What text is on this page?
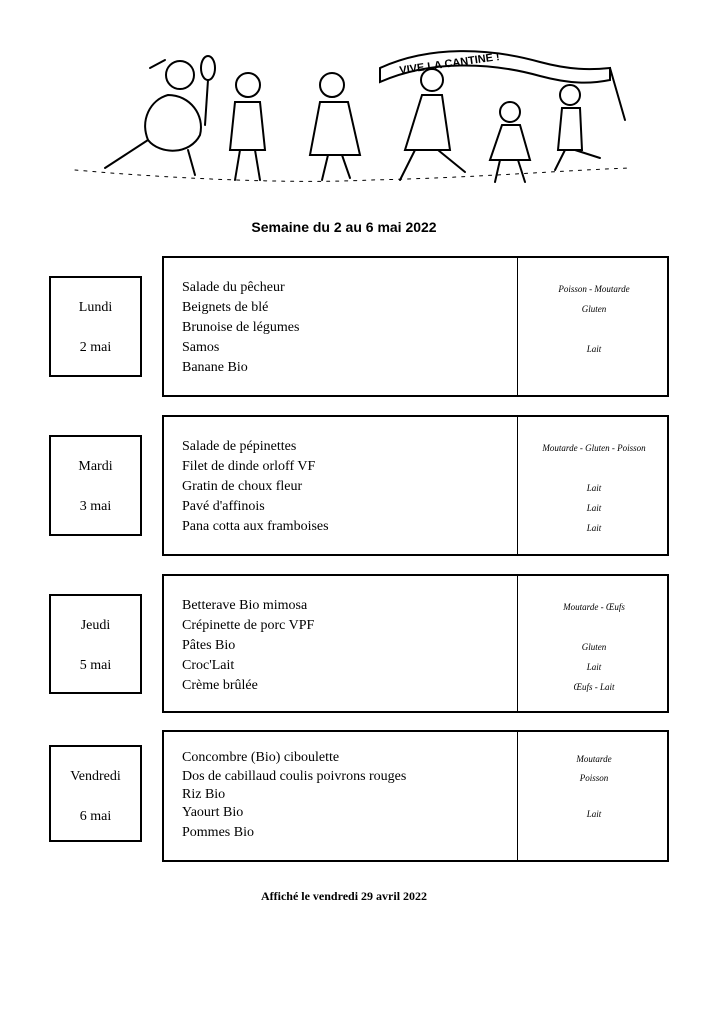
VIVE LA CANTINE !
Semaine du 2 au 6 mai 2022
Lundi
2 mai
Salade du pêcheur
Beignets de blé
Brunoise de légumes
Samos
Banane Bio
Poisson - Moutarde
Gluten
Lait
Mardi
3 mai
Salade de pépinettes
Filet de dinde orloff VF
Gratin de choux fleur
Pavé d'affinois
Pana cotta aux framboises
Moutarde - Gluten - Poisson
Lait
Lait
Lait
Jeudi
5 mai
Betterave Bio mimosa
Crépinette de porc VPF
Pâtes Bio
Croc'Lait
Crème brûlée
Moutarde - Œufs
Gluten
Lait
Œufs - Lait
Vendredi
6 mai
Concombre (Bio) ciboulette
Dos de cabillaud coulis poivrons rouges
Riz Bio
Yaourt Bio
Pommes Bio
Moutarde
Poisson
Lait
Affiché le vendredi 29 avril 2022
